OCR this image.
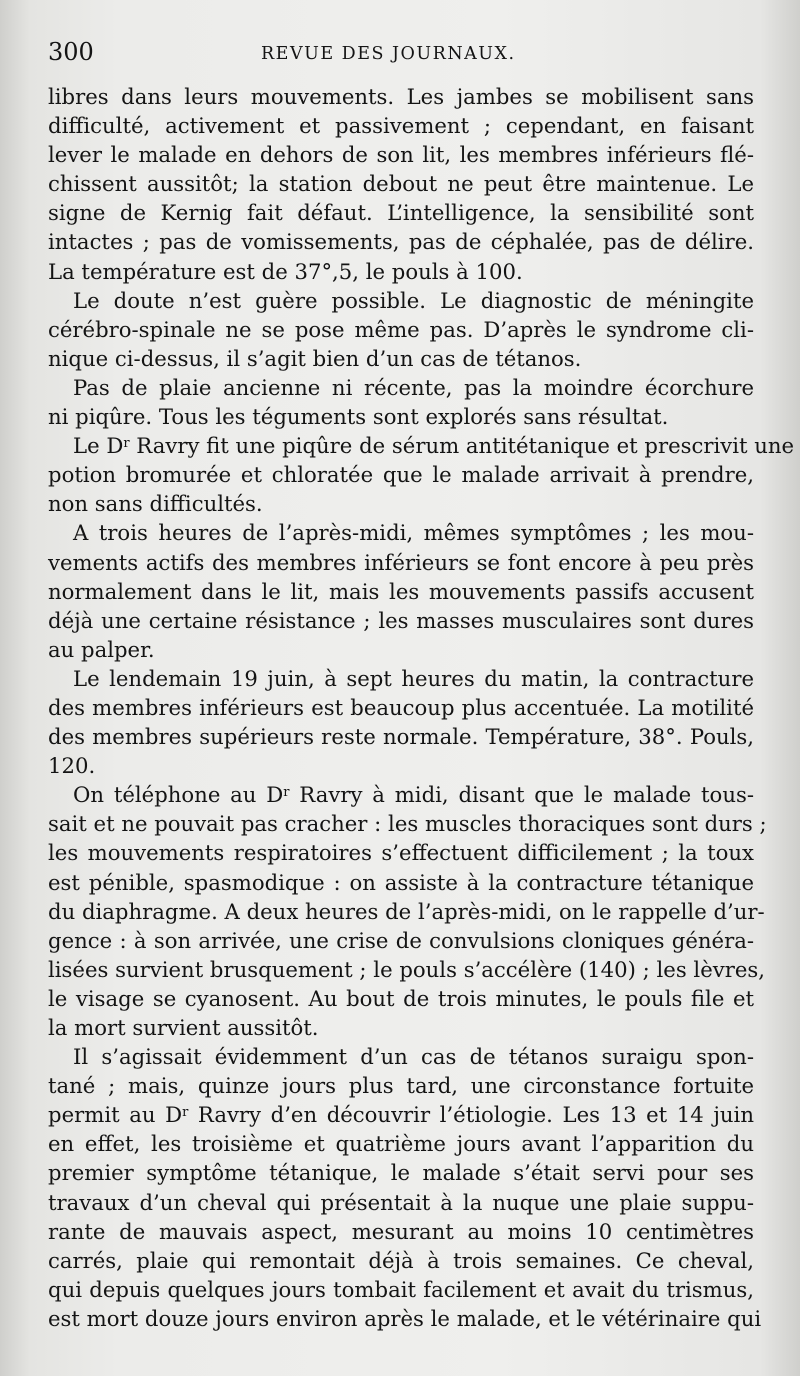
300	REVUE DES JOURNAUX.
libres dans leurs mouvements. Les jambes se mobilisent sans
difficulté, activement et passivement ; cependant, en faisant
lever le malade en dehors de son lit, les membres inférieurs flé-
chissent aussitôt; la station debout ne peut être maintenue. Le
signe de Kernig fait défaut. L’intelligence, la sensibilité sont
intactes ; pas de vomissements, pas de céphalée, pas de délire.
La température est de 37°,5, le pouls à 100.
Le doute n’est guère possible. Le diagnostic de méningite
cérébro-spinale ne se pose même pas. D’après le syndrome cli-
nique ci-dessus, il s’agit bien d’un cas de tétanos.
Pas de plaie ancienne ni récente, pas la moindre écorchure
ni piqûre. Tous les téguments sont explorés sans résultat.
Le $D^r$ Ravry fit une piqûre de sérum antitétanique et prescrivit une
potion bromurée et chloratée que le malade arrivait à prendre,
non sans difficultés.
A trois heures de l’après-midi, mêmes symptômes ; les mou-
vements actifs des membres inférieurs se font encore à peu près
normalement dans le lit, mais les mouvements passifs accusent
déjà une certaine résistance ; les masses musculaires sont dures
au palper.
Le lendemain 19 juin, à sept heures du matin, la contracture
des membres inférieurs est beaucoup plus accentuée. La motilité
des membres supérieurs reste normale. Température, 38°. Pouls,
120.
On téléphone au $D^r$ Ravry à midi, disant que le malade tous-
sait et ne pouvait pas cracher : les muscles thoraciques sont durs ;
les mouvements respiratoires s’effectuent difficilement ; la toux
est pénible, spasmodique : on assiste à la contracture tétanique
du diaphragme. A deux heures de l’après-midi, on le rappelle d’ur-
gence : à son arrivée, une crise de convulsions cloniques généra-
lisées survient brusquement ; le pouls s’accélère (140) ; les lèvres,
le visage se cyanosent. Au bout de trois minutes, le pouls file et
la mort survient aussitôt.
Il s’agissait évidemment d’un cas de tétanos suraigu spon-
tané ; mais, quinze jours plus tard, une circonstance fortuite
permit au $D^r$ Ravry d’en découvrir l’étiologie. Les 13 et 14 juin
en effet, les troisième et quatrième jours avant l’apparition du
premier symptôme tétanique, le malade s’était servi pour ses
travaux d’un cheval qui présentait à la nuque une plaie suppu-
rante de mauvais aspect, mesurant au moins 10 centimètres
carrés, plaie qui remontait déjà à trois semaines. Ce cheval,
qui depuis quelques jours tombait facilement et avait du trismus,
est mort douze jours environ après le malade, et le vétérinaire qui
